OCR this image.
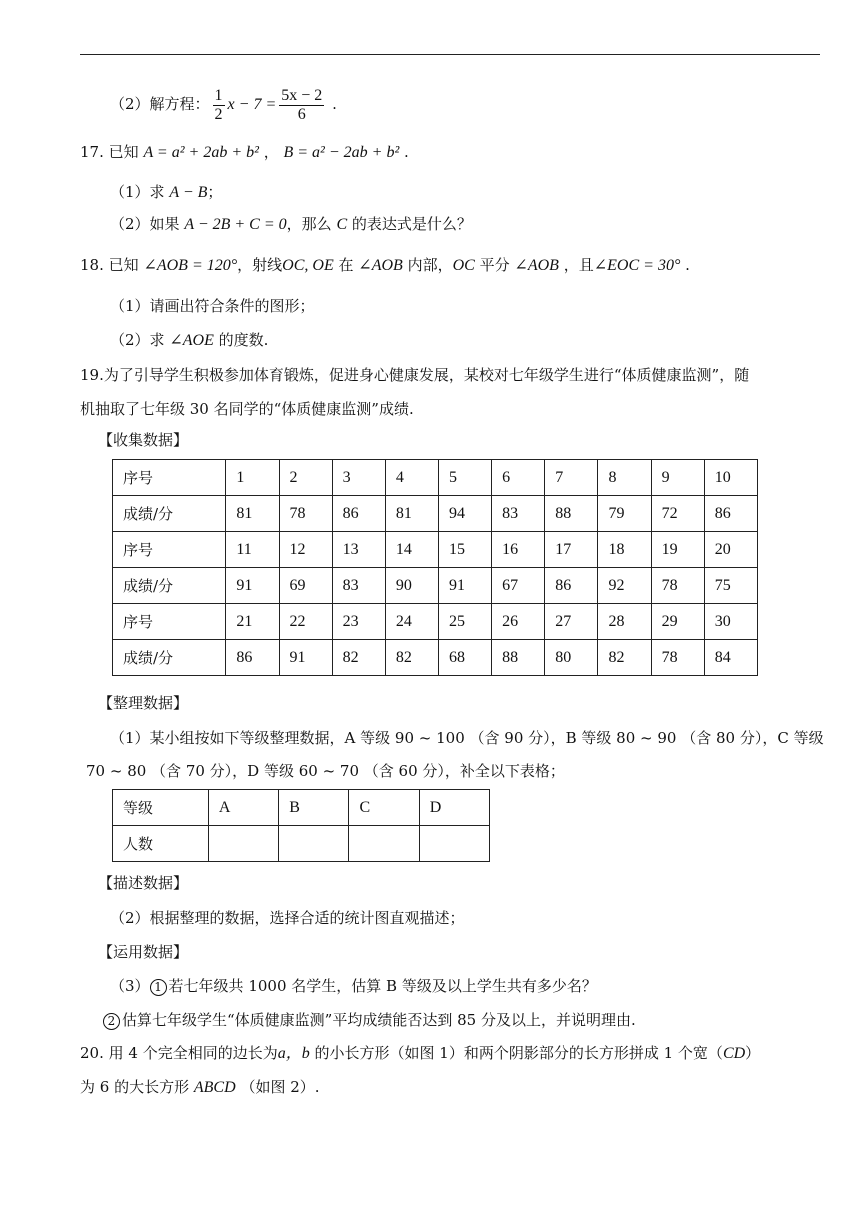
（2）解方程： $\frac{1}{2}$ $x - 7 = \frac{5x - 2}{6}$ .
17. 已知 A = a² + 2ab + b² ， B = a² − 2ab + b² .
（1）求 A − B；
（2）如果 A − 2B + C = 0，那么 C 的表达式是什么？
18. 已知 ∠AOB = 120°，射线OC, OE 在 ∠AOB 内部，OC 平分 ∠AOB ，且∠EOC = 30° .
（1）请画出符合条件的图形；
（2）求 ∠AOE 的度数.
19.为了引导学生积极参加体育锻炼，促进身心健康发展，某校对七年级学生进行“体质健康监测”，随
机抽取了七年级 30 名同学的“体质健康监测”成绩.
【收集数据】
序号	1	2	3	4	5	6	7	8	9	10
成绩/分	81	78	86	81	94	83	88	79	72	86
序号	11	12	13	14	15	16	17	18	19	20
成绩/分	91	69	83	90	91	67	86	92	78	75
序号	21	22	23	24	25	26	27	28	29	30
成绩/分	86	91	82	82	68	88	80	82	78	84
【整理数据】
（1）某小组按如下等级整理数据，A 等级 90 ~ 100 （含 90 分），B 等级 80 ~ 90 （含 80 分），C 等级
70 ~ 80 （含 70 分），D 等级 60 ~ 70 （含 60 分），补全以下表格；
等级	A	B	C	D
人数				
【描述数据】
（2）根据整理的数据，选择合适的统计图直观描述；
【运用数据】
（3） 1 若七年级共 1000 名学生，估算 B 等级及以上学生共有多少名？
2 估算七年级学生“体质健康监测”平均成绩能否达到 85 分及以上，并说明理由.
20. 用 4 个完全相同的边长为a，b 的小长方形（如图 1）和两个阴影部分的长方形拼成 1 个宽（CD）
为 6 的大长方形 ABCD （如图 2）.
